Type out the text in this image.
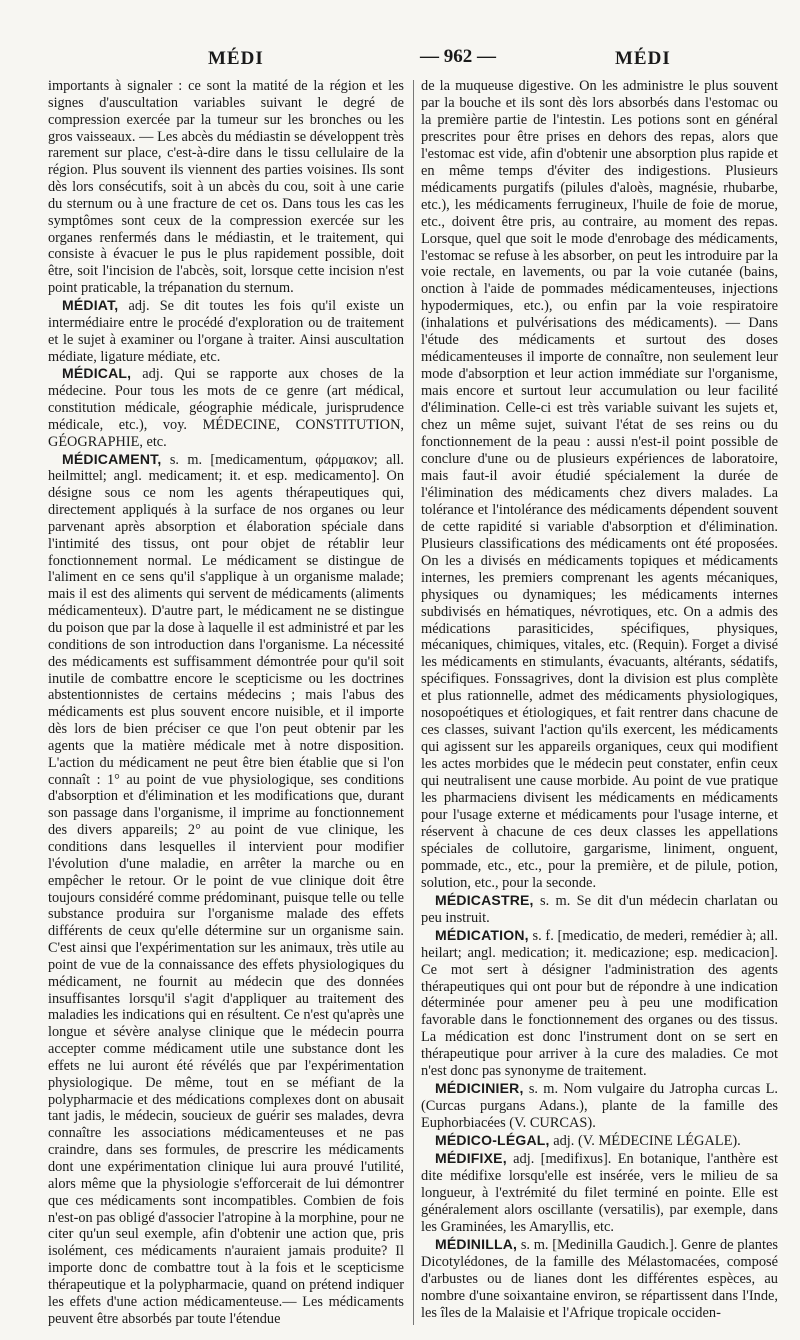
MÉDI	— 962 —	MÉDI

importants à signaler : ce sont la matité de la région et les signes d'auscultation variables suivant le degré de compression exercée par la tumeur sur les bronches ou les gros vaisseaux. — Les abcès du médiastin se développent très rarement sur place, c'est-à-dire dans le tissu cellulaire de la région. Plus souvent ils viennent des parties voisines. Ils sont dès lors consécutifs, soit à un abcès du cou, soit à une carie du sternum ou à une fracture de cet os. Dans tous les cas les symptômes sont ceux de la compression exercée sur les organes renfermés dans le médiastin, et le traitement, qui consiste à évacuer le pus le plus rapidement possible, doit être, soit l'incision de l'abcès, soit, lorsque cette incision n'est point praticable, la trépanation du sternum.

MÉDIAT, adj. Se dit toutes les fois qu'il existe un intermédiaire entre le procédé d'exploration ou de traitement et le sujet à examiner ou l'organe à traiter. Ainsi auscultation médiate, ligature médiate, etc.

MÉDICAL, adj. Qui se rapporte aux choses de la médecine. Pour tous les mots de ce genre (art médical, constitution médicale, géographie médicale, jurisprudence médicale, etc.), voy. MÉDECINE, CONSTITUTION, GÉOGRAPHIE, etc.

MÉDICAMENT, s. m. [medicamentum, φάρμακον; all. heilmittel; angl. medicament; it. et esp. medicamento]. On désigne sous ce nom les agents thérapeutiques qui, directement appliqués à la surface de nos organes ou leur parvenant après absorption et élaboration spéciale dans l'intimité des tissus, ont pour objet de rétablir leur fonctionnement normal. Le médicament se distingue de l'aliment en ce sens qu'il s'applique à un organisme malade; mais il est des aliments qui servent de médicaments (aliments médicamenteux). D'autre part, le médicament ne se distingue du poison que par la dose à laquelle il est administré et par les conditions de son introduction dans l'organisme. La nécessité des médicaments est suffisamment démontrée pour qu'il soit inutile de combattre encore le scepticisme ou les doctrines abstentionnistes de certains médecins ; mais l'abus des médicaments est plus souvent encore nuisible, et il importe dès lors de bien préciser ce que l'on peut obtenir par les agents que la matière médicale met à notre disposition. L'action du médicament ne peut être bien établie que si l'on connaît : 1° au point de vue physiologique, ses conditions d'absorption et d'élimination et les modifications que, durant son passage dans l'organisme, il imprime au fonctionnement des divers appareils; 2° au point de vue clinique, les conditions dans lesquelles il intervient pour modifier l'évolution d'une maladie, en arrêter la marche ou en empêcher le retour. Or le point de vue clinique doit être toujours considéré comme prédominant, puisque telle ou telle substance produira sur l'organisme malade des effets différents de ceux qu'elle détermine sur un organisme sain. C'est ainsi que l'expérimentation sur les animaux, très utile au point de vue de la connaissance des effets physiologiques du médicament, ne fournit au médecin que des données insuffisantes lorsqu'il s'agit d'appliquer au traitement des maladies les indications qui en résultent. Ce n'est qu'après une longue et sévère analyse clinique que le médecin pourra accepter comme médicament utile une substance dont les effets ne lui auront été révélés que par l'expérimentation physiologique. De même, tout en se méfiant de la polypharmacie et des médications complexes dont on abusait tant jadis, le médecin, soucieux de guérir ses malades, devra connaître les associations médicamenteuses et ne pas craindre, dans ses formules, de prescrire les médicaments dont une expérimentation clinique lui aura prouvé l'utilité, alors même que la physiologie s'efforcerait de lui démontrer que ces médicaments sont incompatibles. Combien de fois n'est-on pas obligé d'associer l'atropine à la morphine, pour ne citer qu'un seul exemple, afin d'obtenir une action que, pris isolément, ces médicaments n'auraient jamais produite? Il importe donc de combattre tout à la fois et le scepticisme thérapeutique et la polypharmacie, quand on prétend indiquer les effets d'une action médicamenteuse.— Les médicaments peuvent être absorbés par toute l'étendue

de la muqueuse digestive. On les administre le plus souvent par la bouche et ils sont dès lors absorbés dans l'estomac ou la première partie de l'intestin. Les potions sont en général prescrites pour être prises en dehors des repas, alors que l'estomac est vide, afin d'obtenir une absorption plus rapide et en même temps d'éviter des indigestions. Plusieurs médicaments purgatifs (pilules d'aloès, magnésie, rhubarbe, etc.), les médicaments ferrugineux, l'huile de foie de morue, etc., doivent être pris, au contraire, au moment des repas. Lorsque, quel que soit le mode d'enrobage des médicaments, l'estomac se refuse à les absorber, on peut les introduire par la voie rectale, en lavements, ou par la voie cutanée (bains, onction à l'aide de pommades médicamenteuses, injections hypodermiques, etc.), ou enfin par la voie respiratoire (inhalations et pulvérisations des médicaments). — Dans l'étude des médicaments et surtout des doses médicamenteuses il importe de connaître, non seulement leur mode d'absorption et leur action immédiate sur l'organisme, mais encore et surtout leur accumulation ou leur facilité d'élimination. Celle-ci est très variable suivant les sujets et, chez un même sujet, suivant l'état de ses reins ou du fonctionnement de la peau : aussi n'est-il point possible de conclure d'une ou de plusieurs expériences de laboratoire, mais faut-il avoir étudié spécialement la durée de l'élimination des médicaments chez divers malades. La tolérance et l'intolérance des médicaments dépendent souvent de cette rapidité si variable d'absorption et d'élimination. Plusieurs classifications des médicaments ont été proposées. On les a divisés en médicaments topiques et médicaments internes, les premiers comprenant les agents mécaniques, physiques ou dynamiques; les médicaments internes subdivisés en hématiques, névrotiques, etc. On a admis des médications parasiticides, spécifiques, physiques, mécaniques, chimiques, vitales, etc. (Requin). Forget a divisé les médicaments en stimulants, évacuants, altérants, sédatifs, spécifiques. Fonssagrives, dont la division est plus complète et plus rationnelle, admet des médicaments physiologiques, nosopoétiques et étiologiques, et fait rentrer dans chacune de ces classes, suivant l'action qu'ils exercent, les médicaments qui agissent sur les appareils organiques, ceux qui modifient les actes morbides que le médecin peut constater, enfin ceux qui neutralisent une cause morbide. Au point de vue pratique les pharmaciens divisent les médicaments en médicaments pour l'usage externe et médicaments pour l'usage interne, et réservent à chacune de ces deux classes les appellations spéciales de collutoire, gargarisme, liniment, onguent, pommade, etc., etc., pour la première, et de pilule, potion, solution, etc., pour la seconde.

MÉDICASTRE, s. m. Se dit d'un médecin charlatan ou peu instruit.

MÉDICATION, s. f. [medicatio, de mederi, remédier à; all. heilart; angl. medication; it. medicazione; esp. medicacion]. Ce mot sert à désigner l'administration des agents thérapeutiques qui ont pour but de répondre à une indication déterminée pour amener peu à peu une modification favorable dans le fonctionnement des organes ou des tissus. La médication est donc l'instrument dont on se sert en thérapeutique pour arriver à la cure des maladies. Ce mot n'est donc pas synonyme de traitement.

MÉDICINIER, s. m. Nom vulgaire du Jatropha curcas L. (Curcas purgans Adans.), plante de la famille des Euphorbiacées (V. CURCAS).

MÉDICO-LÉGAL, adj. (V. MÉDECINE LÉGALE).

MÉDIFIXE, adj. [medifixus]. En botanique, l'anthère est dite médifixe lorsqu'elle est insérée, vers le milieu de sa longueur, à l'extrémité du filet terminé en pointe. Elle est généralement alors oscillante (versatilis), par exemple, dans les Graminées, les Amaryllis, etc.

MÉDINILLA, s. m. [Medinilla Gaudich.]. Genre de plantes Dicotylédones, de la famille des Mélastomacées, composé d'arbustes ou de lianes dont les différentes espèces, au nombre d'une soixantaine environ, se répartissent dans l'Inde, les îles de la Malaisie et l'Afrique tropicale occiden-
